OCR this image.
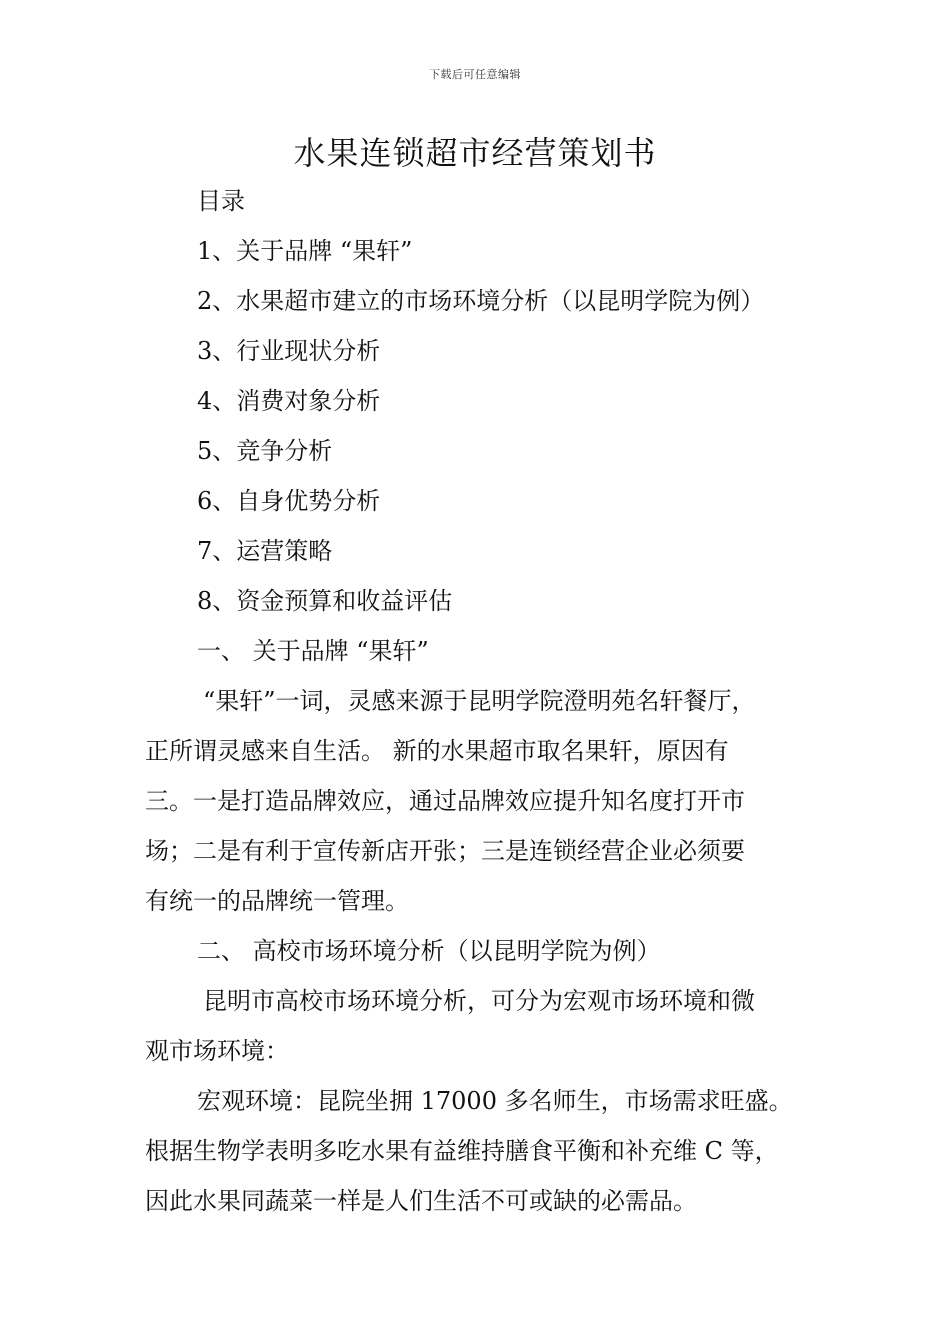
下载后可任意编辑
水果连锁超市经营策划书

目录

1、关于品牌 “果轩”

2、水果超市建立的市场环境分析（以昆明学院为例）

3、行业现状分析

4、消费对象分析

5、竞争分析

6、自身优势分析

7、运营策略

8、资金预算和收益评估

一、 关于品牌 “果轩”

“果轩”一词，灵感来源于昆明学院澄明苑名轩餐厅，

正所谓灵感来自生活。 新的水果超市取名果轩，原因有

三。一是打造品牌效应，通过品牌效应提升知名度打开市

场；二是有利于宣传新店开张；三是连锁经营企业必须要

有统一的品牌统一管理。

二、 高校市场环境分析（以昆明学院为例）

昆明市高校市场环境分析，可分为宏观市场环境和微

观市场环境：

宏观环境：昆院坐拥 17000 多名师生，市场需求旺盛。

根据生物学表明多吃水果有益维持膳食平衡和补充维 C 等，

因此水果同蔬菜一样是人们生活不可或缺的必需品。
